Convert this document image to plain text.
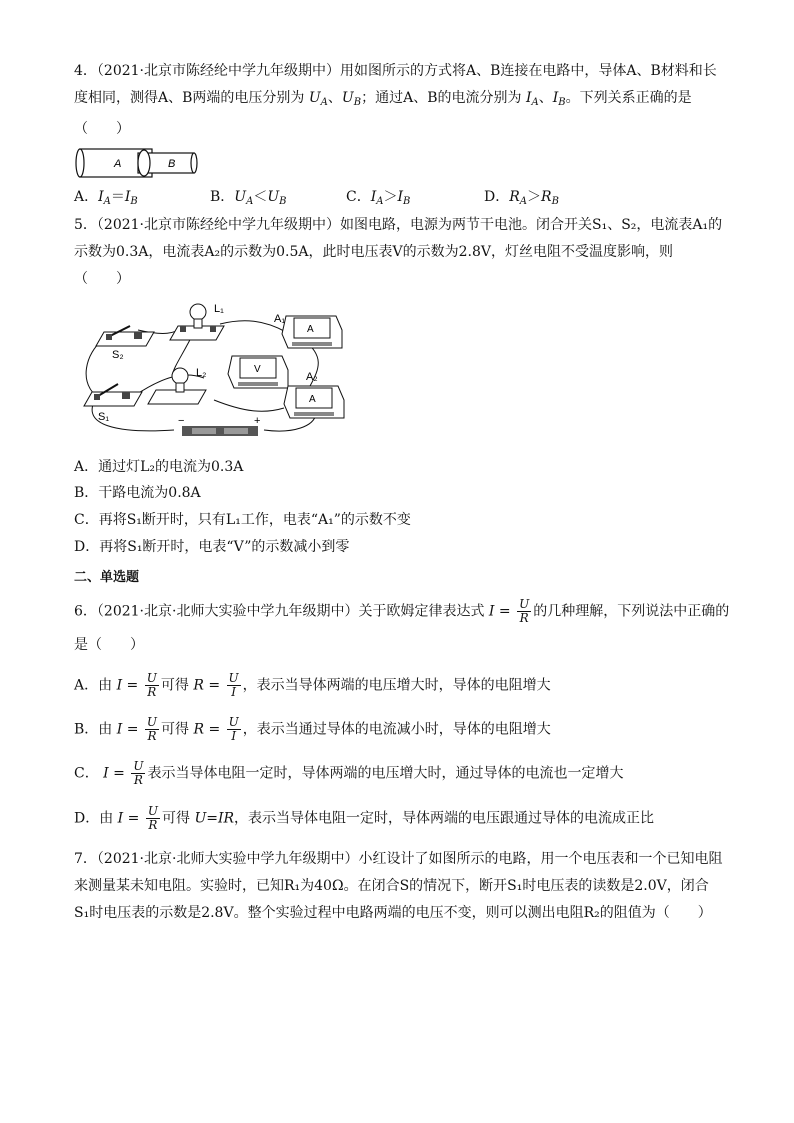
4．（2021·北京市陈经纶中学九年级期中）用如图所示的方式将A、B连接在电路中，导体A、B材料和长
度相同，测得A、B两端的电压分别为 $U_A$、$U_B$；通过A、B的电流分别为 $I_A$、$I_B$。下列关系正确的是
（　　）
A	B
A．$I_A=I_B$	B．$U_A<U_B$	C．$I_A>I_B$	D．$R_A>R_B$
5．（2021·北京市陈经纶中学九年级期中）如图电路，电源为两节干电池。闭合开关S₁、S₂，电流表A₁的
示数为0.3A，电流表A₂的示数为0.5A，此时电压表V的示数为2.8V，灯丝电阻不受温度影响，则
（　　）
S₂
L₁
A
A₁
V
S₁
L₂
A
A₂
−	+
A．通过灯L₂的电流为0.3A
B．干路电流为0.8A
C．再将S₁断开时，只有L₁工作，电表“A₁”的示数不变
D．再将S₁断开时，电表“V”的示数减小到零
二、单选题
6．（2021·北京·北师大实验中学九年级期中）关于欧姆定律表达式 $I = \frac{U}{R}$ 的几种理解，下列说法中正确的
是（　　）
A．由 $I = \frac{U}{R}$ 可得 $R = \frac{U}{I}$ ，表示当导体两端的电压增大时，导体的电阻增大
B．由 $I = \frac{U}{R}$ 可得 $R = \frac{U}{I}$ ，表示当通过导体的电流减小时，导体的电阻增大
C． $I = \frac{U}{R}$ 表示当导体电阻一定时，导体两端的电压增大时，通过导体的电流也一定增大
D．由 $I = \frac{U}{R}$ 可得 U=IR，表示当导体电阻一定时，导体两端的电压跟通过导体的电流成正比
7．（2021·北京·北师大实验中学九年级期中）小红设计了如图所示的电路，用一个电压表和一个已知电阻
来测量某未知电阻。实验时，已知R₁为40Ω。在闭合S的情况下，断开S₁时电压表的读数是2.0V，闭合
S₁时电压表的示数是2.8V。整个实验过程中电路两端的电压不变，则可以测出电阻R₂的阻值为（　　）
